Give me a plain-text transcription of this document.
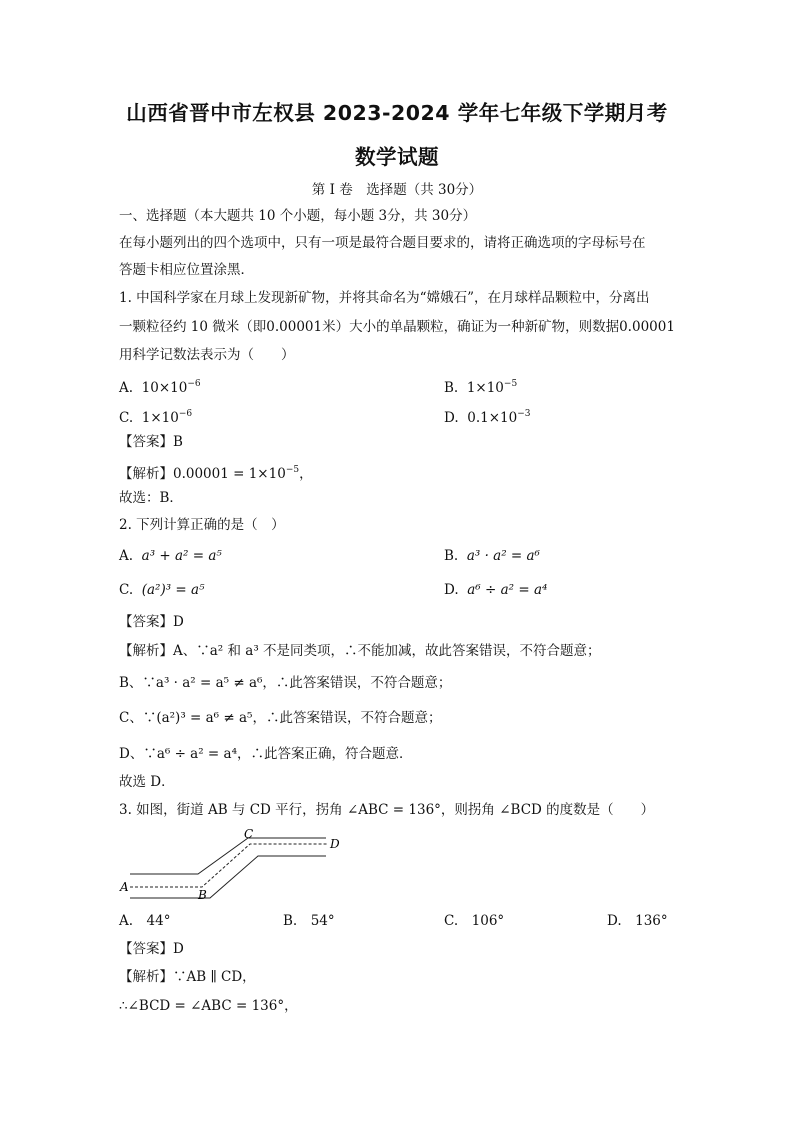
山西省晋中市左权县 2023-2024 学年七年级下学期月考
数学试题
第 I 卷　选择题（共 30分）
一、选择题（本大题共 10 个小题，每小题 3分，共 30分）
在每小题列出的四个选项中，只有一项是最符合题目要求的，请将正确选项的字母标号在
答题卡相应位置涂黑．
1. 中国科学家在月球上发现新矿物，并将其命名为“嫦娥石”，在月球样品颗粒中，分离出
一颗粒径约 10 微米（即0.00001米）大小的单晶颗粒，确证为一种新矿物，则数据0.00001
用科学记数法表示为（　　）
A. $10\times 10^{-6}$	B. $1\times 10^{-5}$
C. $1\times 10^{-6}$	D. $0.1\times 10^{-3}$
【答案】B
【解析】$0.00001 = 1\times 10^{-5}$，
故选：B．
2. 下列计算正确的是（　）
A. a³ + a² = a⁵	B. a³ · a² = a⁶
C. (a²)³ = a⁵	D. a⁶ ÷ a² = a⁴
【答案】D
【解析】A、∵a² 和 a³ 不是同类项，∴不能加减，故此答案错误，不符合题意；
B、∵a³ · a² = a⁵ ≠ a⁶，∴此答案错误，不符合题意；
C、∵(a²)³ = a⁶ ≠ a⁵，∴此答案错误，不符合题意；
D、∵a⁶ ÷ a² = a⁴，∴此答案正确，符合题意．
故选 D．
3. 如图，街道 AB 与 CD 平行，拐角 ∠ABC = 136°，则拐角 ∠BCD 的度数是（　　）
A
B
C
D
A.　44°	B.　54°	C.　106°	D.　136°
【答案】D
【解析】∵AB ∥ CD，
∴∠BCD = ∠ABC = 136°，
